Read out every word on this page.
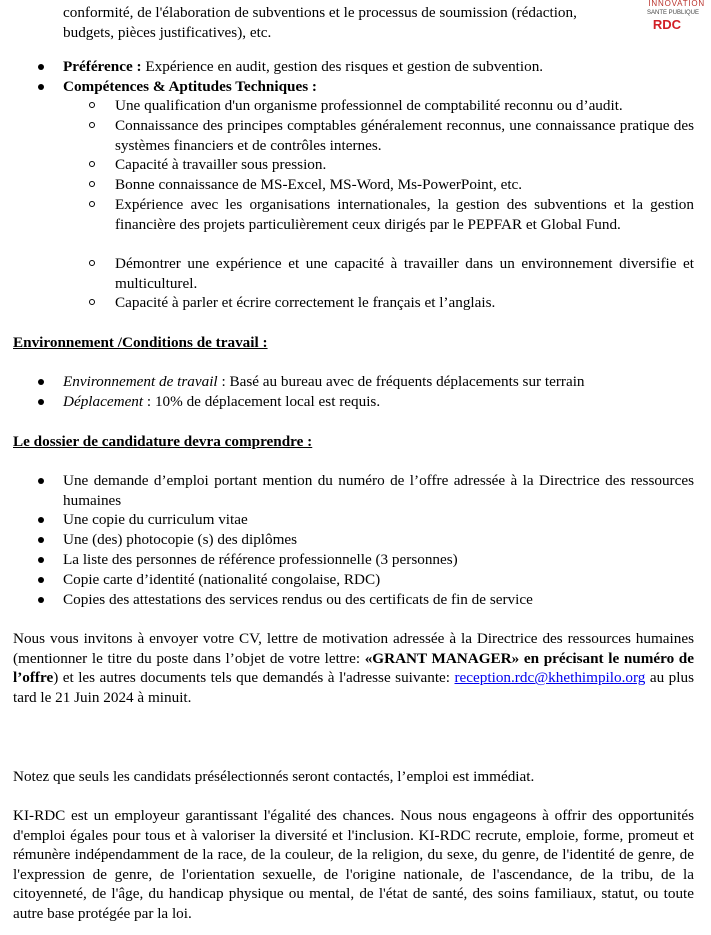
INNOVATION
SANTE PUBLIQUE
RDC
conformité, de l'élaboration de subventions et le processus de soumission (rédaction,
budgets, pièces justificatives), etc.
Préférence : Expérience en audit, gestion des risques et gestion de subvention.
Compétences & Aptitudes Techniques :
Une qualification d'un organisme professionnel de comptabilité reconnu ou d’audit.
Connaissance des principes comptables généralement reconnus, une connaissance pratique des systèmes financiers et de contrôles internes.
Capacité à travailler sous pression.
Bonne connaissance de MS-Excel, MS-Word, Ms-PowerPoint, etc.
Expérience avec les organisations internationales, la gestion des subventions et la gestion financière des projets particulièrement ceux dirigés par le PEPFAR et Global Fund.
Démontrer une expérience et une capacité à travailler dans un environnement diversifie et multiculturel.
Capacité à parler et écrire correctement le français et l’anglais.
Environnement /Conditions de travail :
Environnement de travail : Basé au bureau avec de fréquents déplacements sur terrain
Déplacement : 10% de déplacement local est requis.
Le dossier de candidature devra comprendre :
Une demande d’emploi portant mention du numéro de l’offre adressée à la Directrice des ressources humaines
Une copie du curriculum vitae
Une (des) photocopie (s) des diplômes
La liste des personnes de référence professionnelle (3 personnes)
Copie carte d’identité (nationalité congolaise, RDC)
Copies des attestations des services rendus ou des certificats de fin de service

Nous vous invitons à envoyer votre CV, lettre de motivation adressée à la Directrice des ressources humaines (mentionner le titre du poste dans l’objet de votre lettre: «GRANT MANAGER» en précisant le numéro de l’offre) et les autres documents tels que demandés à l'adresse suivante: reception.rdc@khethimpilo.org au plus tard le 21 Juin 2024 à minuit.

Notez que seuls les candidats présélectionnés seront contactés, l’emploi est immédiat.

KI-RDC est un employeur garantissant l'égalité des chances. Nous nous engageons à offrir des opportunités d'emploi égales pour tous et à valoriser la diversité et l'inclusion. KI-RDC recrute, emploie, forme, promeut et rémunère indépendamment de la race, de la couleur, de la religion, du sexe, du genre, de l'identité de genre, de l'expression de genre, de l'orientation sexuelle, de l'origine nationale, de l'ascendance, de la tribu, de la citoyenneté, de l'âge, du handicap physique ou mental, de l'état de santé, des soins familiaux, statut, ou toute autre base protégée par la loi.
